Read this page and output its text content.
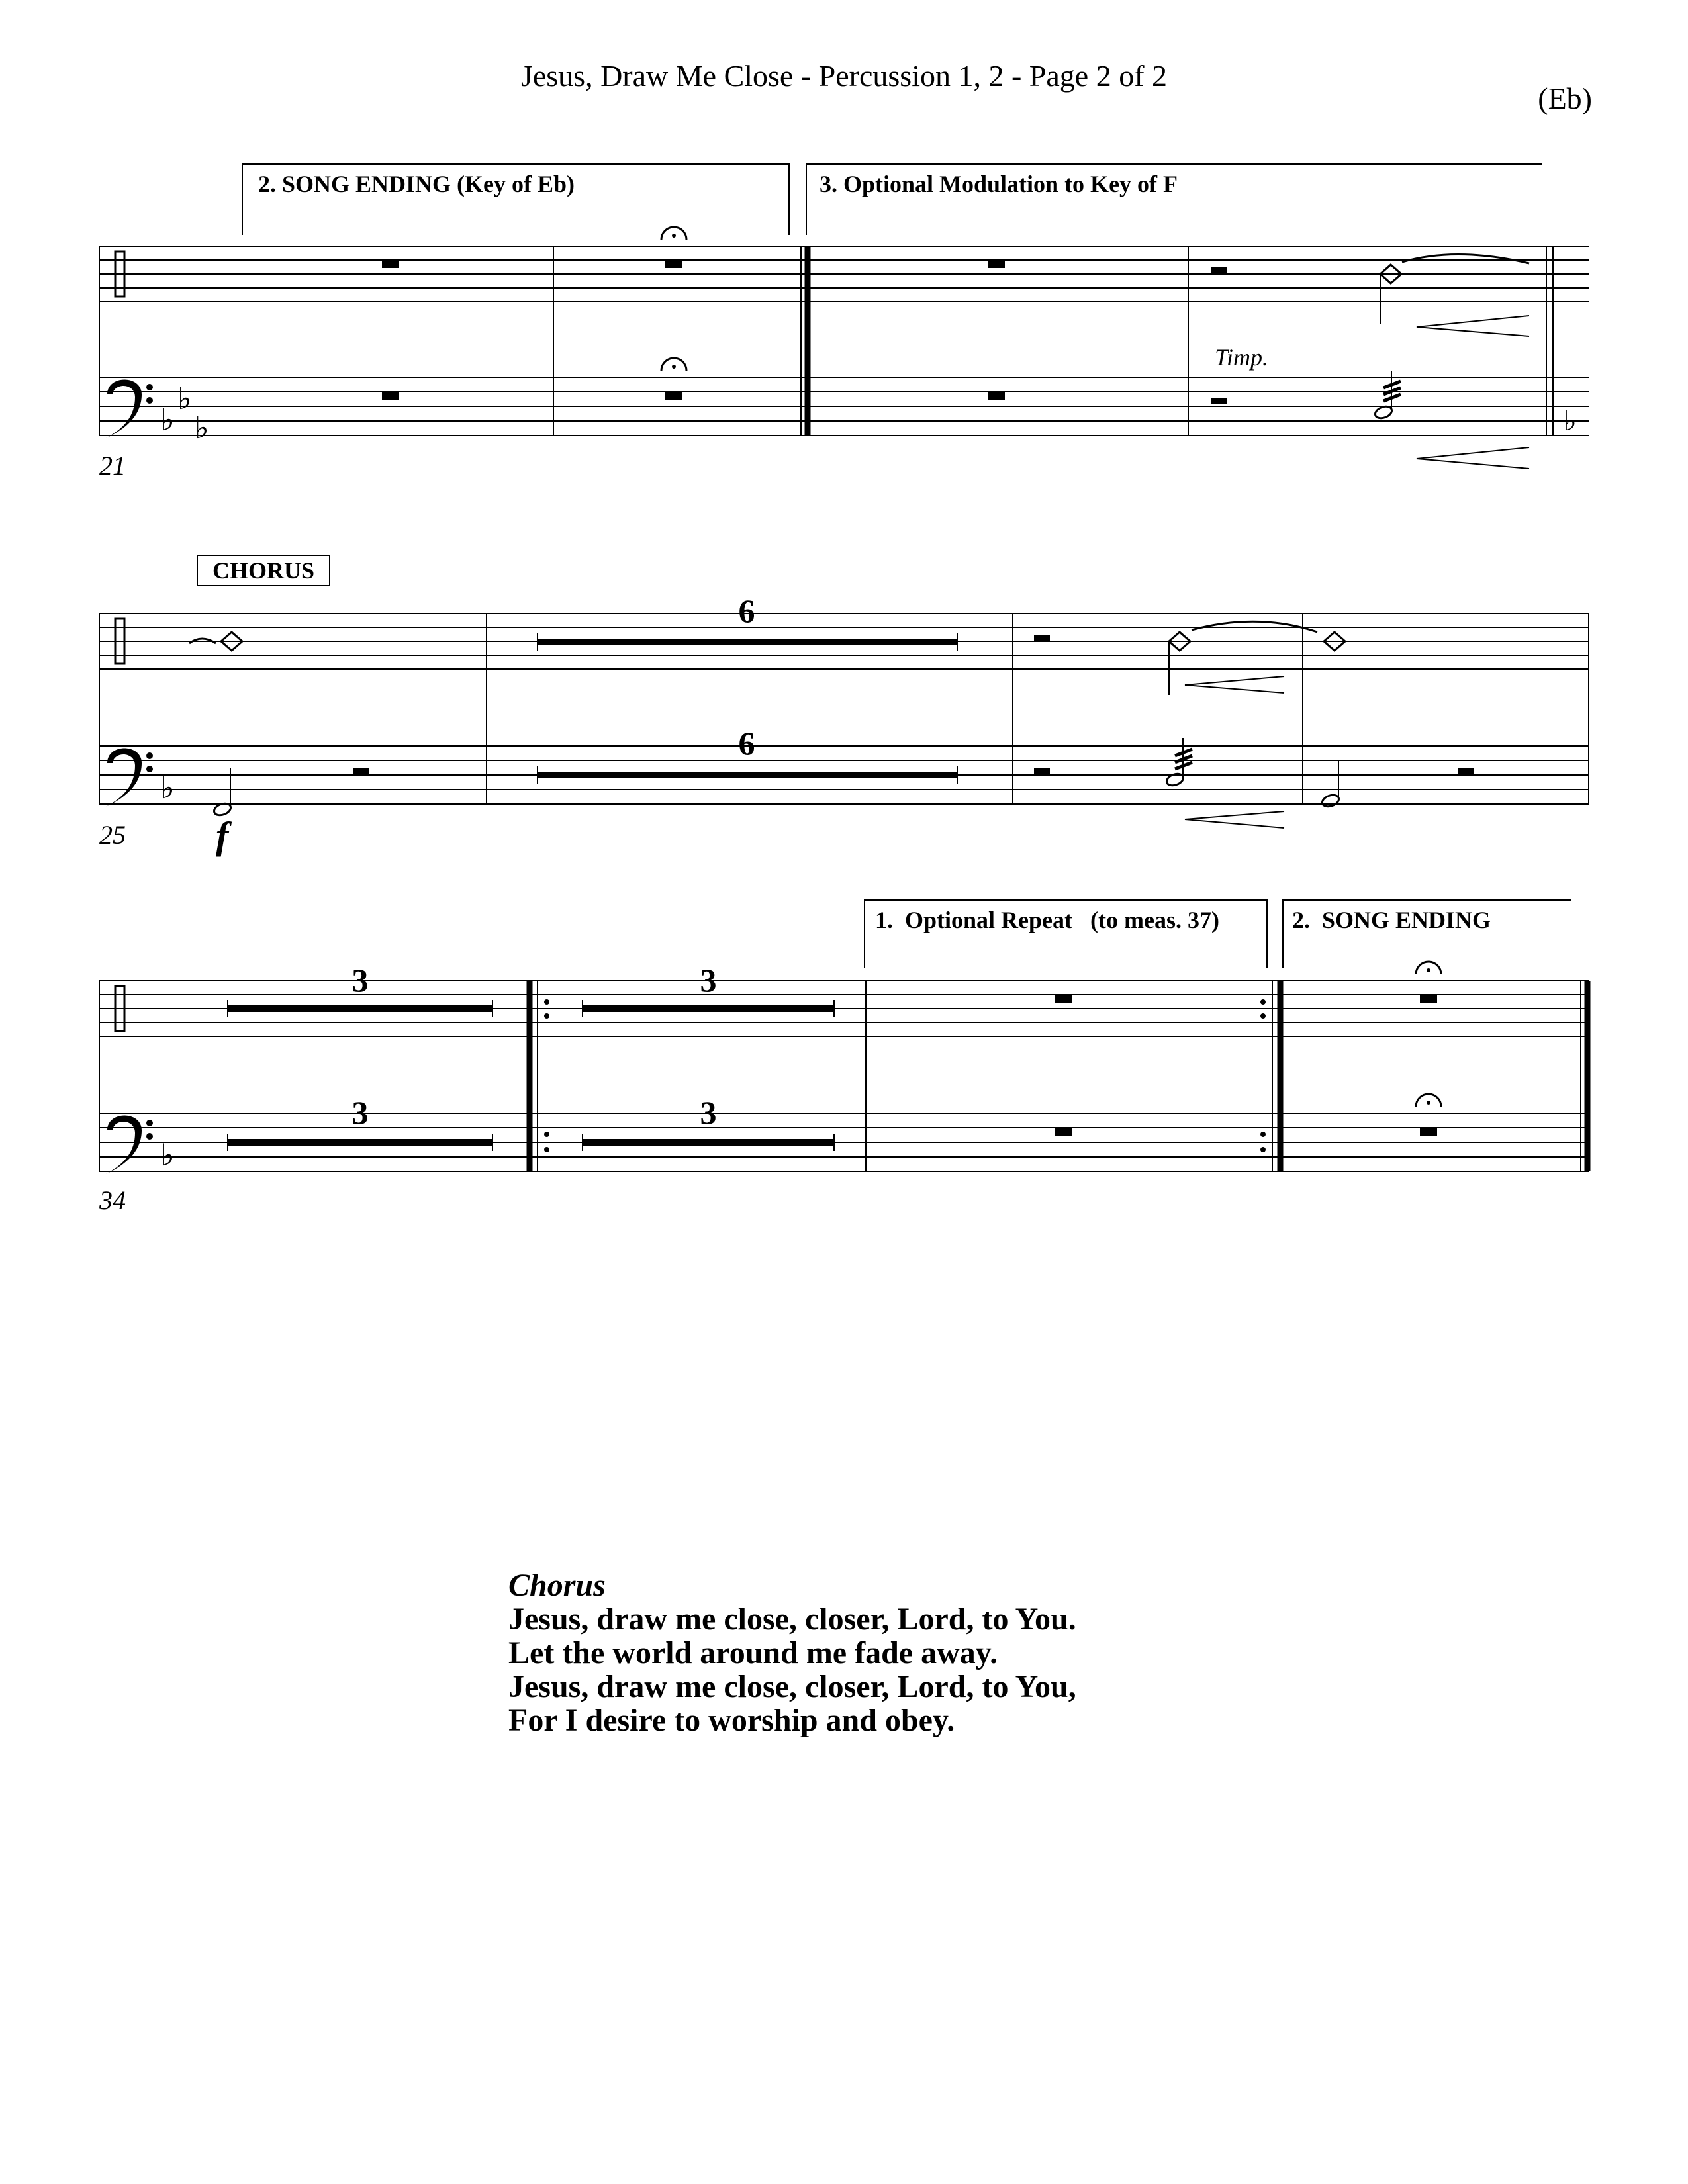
Jesus, Draw Me Close - Percussion 1, 2 - Page 2 of 2
(Eb)
♭
♭
♭	♭
2. SONG ENDING (Key of Eb)	3. Optional Modulation to Key of F
Timp.
♭
CHORUS
6
6
f
♭
3
3
3
3
1.  Optional Repeat   (to meas. 37)	2.  SONG ENDING
21
25
34
Chorus
Jesus, draw me close, closer, Lord, to You.
Let the world around me fade away.
Jesus, draw me close, closer, Lord, to You,
For I desire to worship and obey.
